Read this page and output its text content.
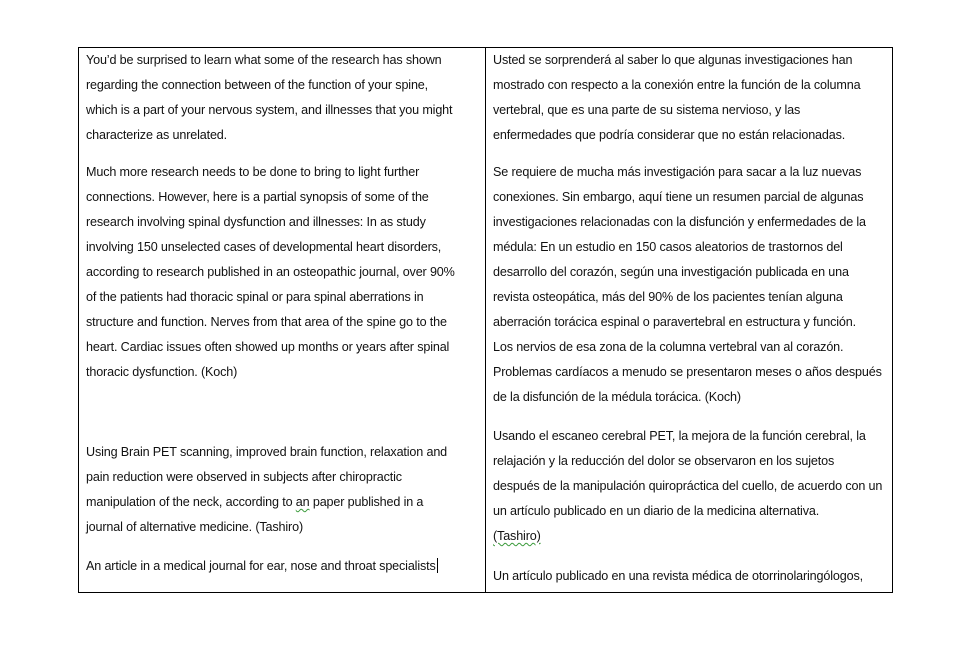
You’d be surprised to learn what some of the research has shown
regarding the connection between of the function of your spine,
which is a part of your nervous system, and illnesses that you might
characterize as unrelated.
Much more research needs to be done to bring to light further
connections. However, here is a partial synopsis of some of the
research involving spinal dysfunction and illnesses: In as study
involving 150 unselected cases of developmental heart disorders,
according to research published in an osteopathic journal, over 90%
of the patients had thoracic spinal or para spinal aberrations in
structure and function. Nerves from that area of the spine go to the
heart. Cardiac issues often showed up months or years after spinal
thoracic dysfunction. (Koch)
Using Brain PET scanning, improved brain function, relaxation and
pain reduction were observed in subjects after chiropractic
manipulation of the neck, according to an paper published in a
journal of alternative medicine. (Tashiro)
An article in a medical journal for ear, nose and throat specialists
Usted se sorprenderá al saber lo que algunas investigaciones han
mostrado con respecto a la conexión entre la función de la columna
vertebral, que es una parte de su sistema nervioso, y las
enfermedades que podría considerar que no están relacionadas.
Se requiere de mucha más investigación para sacar a la luz nuevas
conexiones. Sin embargo, aquí tiene un resumen parcial de algunas
investigaciones relacionadas con la disfunción y enfermedades de la
médula: En un estudio en 150 casos aleatorios de trastornos del
desarrollo del corazón, según una investigación publicada en una
revista osteopática, más del 90% de los pacientes tenían alguna
aberración torácica espinal o paravertebral en estructura y función.
Los nervios de esa zona de la columna vertebral van al corazón.
Problemas cardíacos a menudo se presentaron meses o años después
de la disfunción de la médula torácica. (Koch)
Usando el escaneo cerebral PET, la mejora de la función cerebral, la
relajación y la reducción del dolor se observaron en los sujetos
después de la manipulación quiropráctica del cuello, de acuerdo con un
un artículo publicado en un diario de la medicina alternativa.
(Tashiro)
Un artículo publicado en una revista médica de otorrinolaringólogos,
